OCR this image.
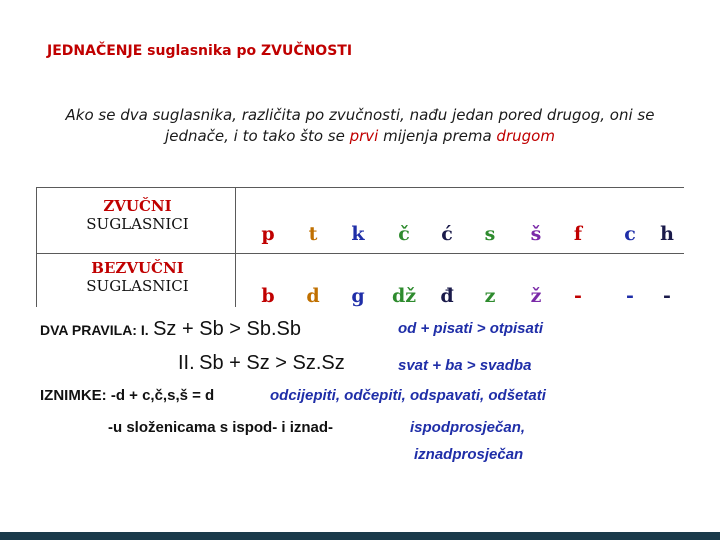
JEDNAČENJE suglasnika po ZVUČNOSTI
Ako se dva suglasnika, različita po zvučnosti, nađu jedan pored drugog, oni se jednače, i to tako što se prvi mijenja prema drugom
ZVUČNI
SUGLASNICI
BEZVUČNI
SUGLASNICI
p	t	k	č	ć	s	š	f	c	h
b	d	g	dž	đ	z	ž	-	-	-
DVA PRAVILA: I. Sz + Sb > Sb.Sb	od + pisati > otpisati
II. Sb + Sz > Sz.Sz	svat + ba > svadba
IZNIMKE: -d + c,č,s,š = d	odcijepiti, odčepiti, odspavati, odšetati
-u složenicama s ispod- i iznad-	ispodprosječan,
iznadprosječan
